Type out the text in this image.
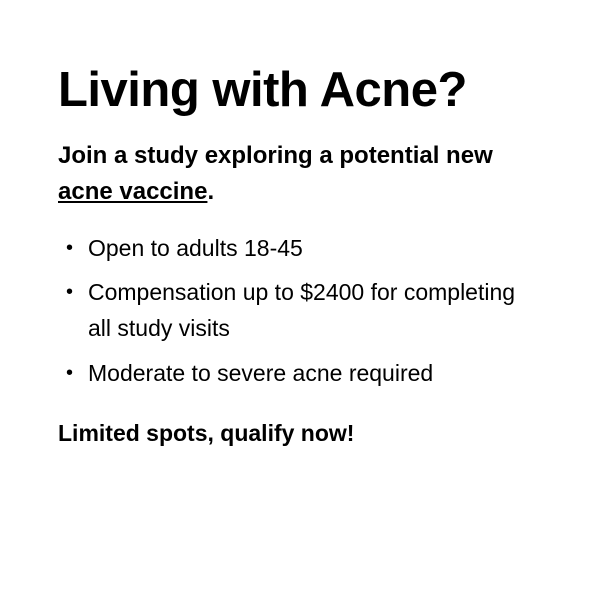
Living with Acne?

Join a study exploring a potential new acne vaccine.

• Open to adults 18-45
• Compensation up to $2400 for completing all study visits
• Moderate to severe acne required

Limited spots, qualify now!
